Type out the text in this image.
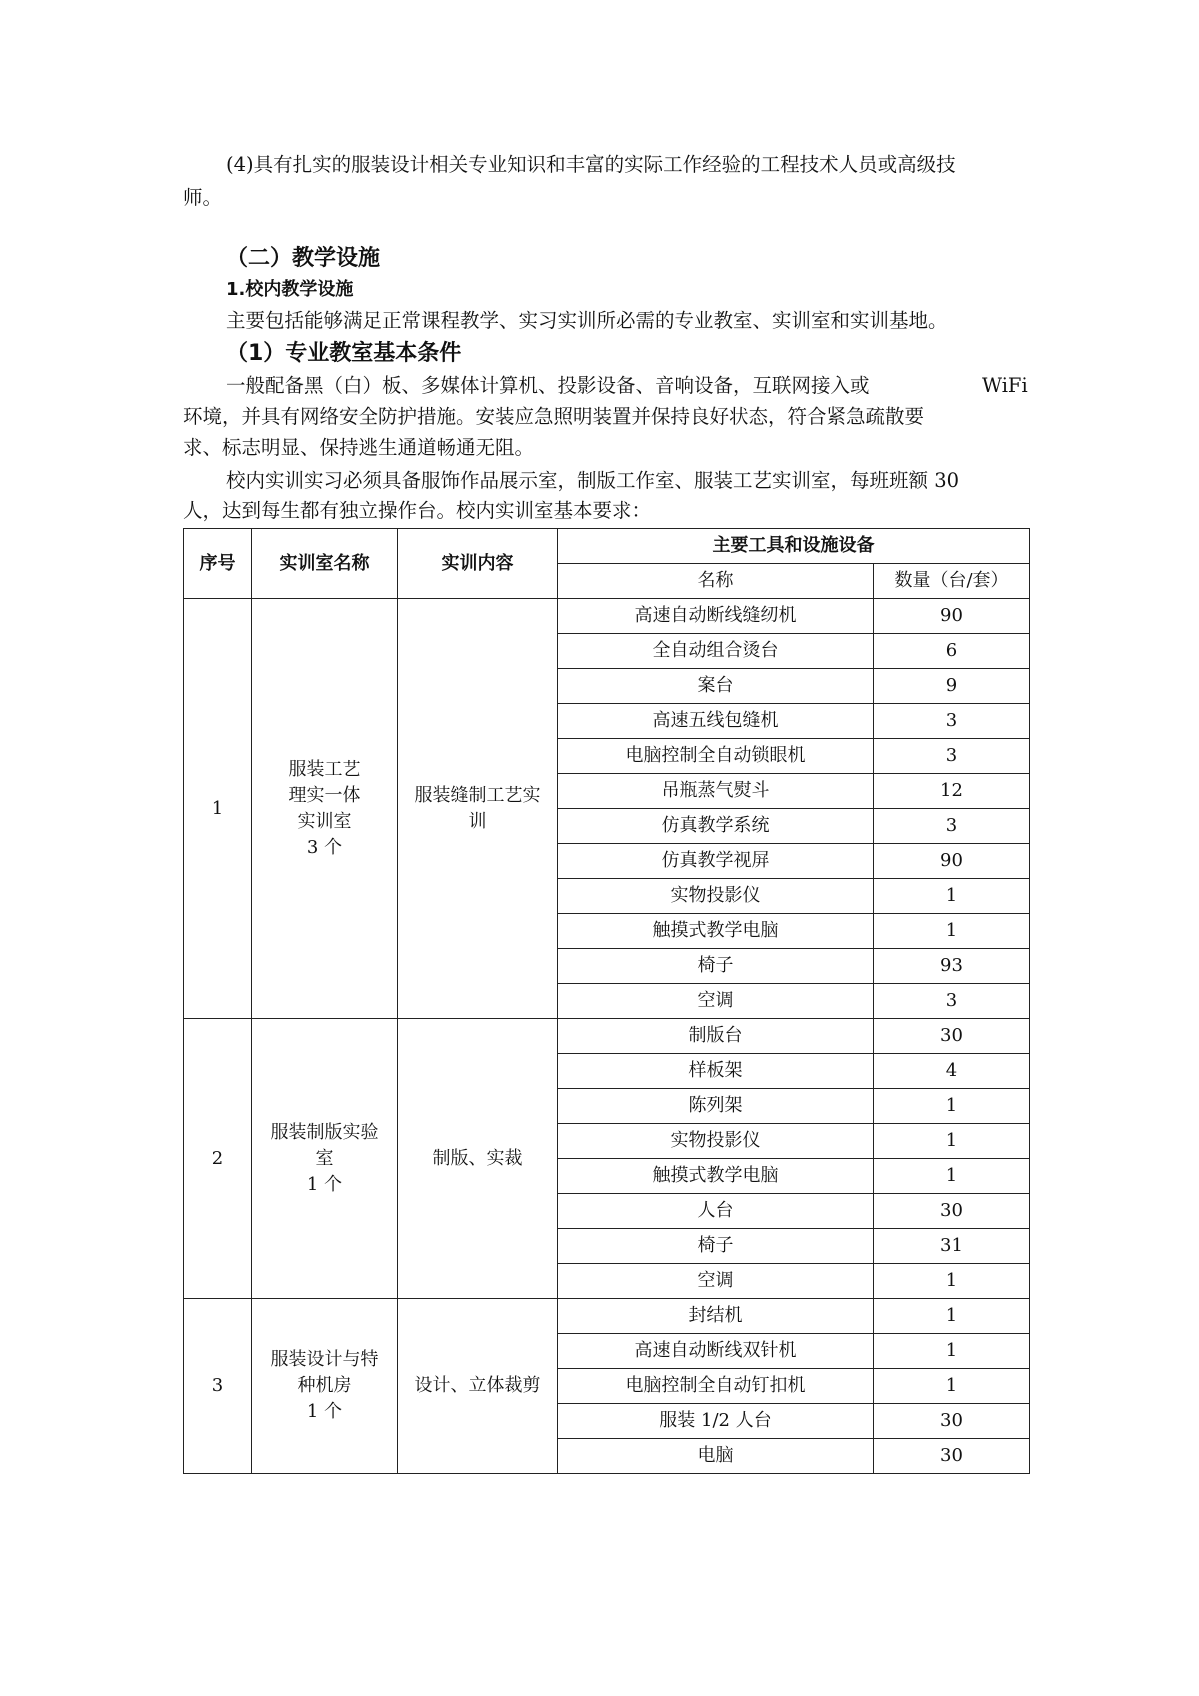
(4)具有扎实的服装设计相关专业知识和丰富的实际工作经验的工程技术人员或高级技
师。
（二）教学设施
1.校内教学设施
主要包括能够满足正常课程教学、实习实训所必需的专业教室、实训室和实训基地。
（1）专业教室基本条件
一般配备黑（白）板、多媒体计算机、投影设备、音响设备，互联网接入或	WiFi
环境，并具有网络安全防护措施。安装应急照明装置并保持良好状态，符合紧急疏散要
求、标志明显、保持逃生通道畅通无阻。
校内实训实习必须具备服饰作品展示室，制版工作室、服装工艺实训室，每班班额 30
人，达到每生都有独立操作台。校内实训室基本要求：
序号	实训室名称	实训内容	主要工具和设施设备	
			名称	数量（台/套）
1	服装工艺
理实一体
实训室
3 个	服装缝制工艺实
训	高速自动断线缝纫机	90
			全自动组合烫台	6
			案台	9
			高速五线包缝机	3
			电脑控制全自动锁眼机	3
			吊瓶蒸气熨斗	12
			仿真教学系统	3
			仿真教学视屏	90
			实物投影仪	1
			触摸式教学电脑	1
			椅子	93
			空调	3
2	服装制版实验
室
1 个	制版、实裁	制版台	30
			样板架	4
			陈列架	1
			实物投影仪	1
			触摸式教学电脑	1
			人台	30
			椅子	31
			空调	1
3	服装设计与特
种机房
1 个	设计、立体裁剪	封结机	1
			高速自动断线双针机	1
			电脑控制全自动钉扣机	1
			服装 1/2 人台	30
			电脑	30
